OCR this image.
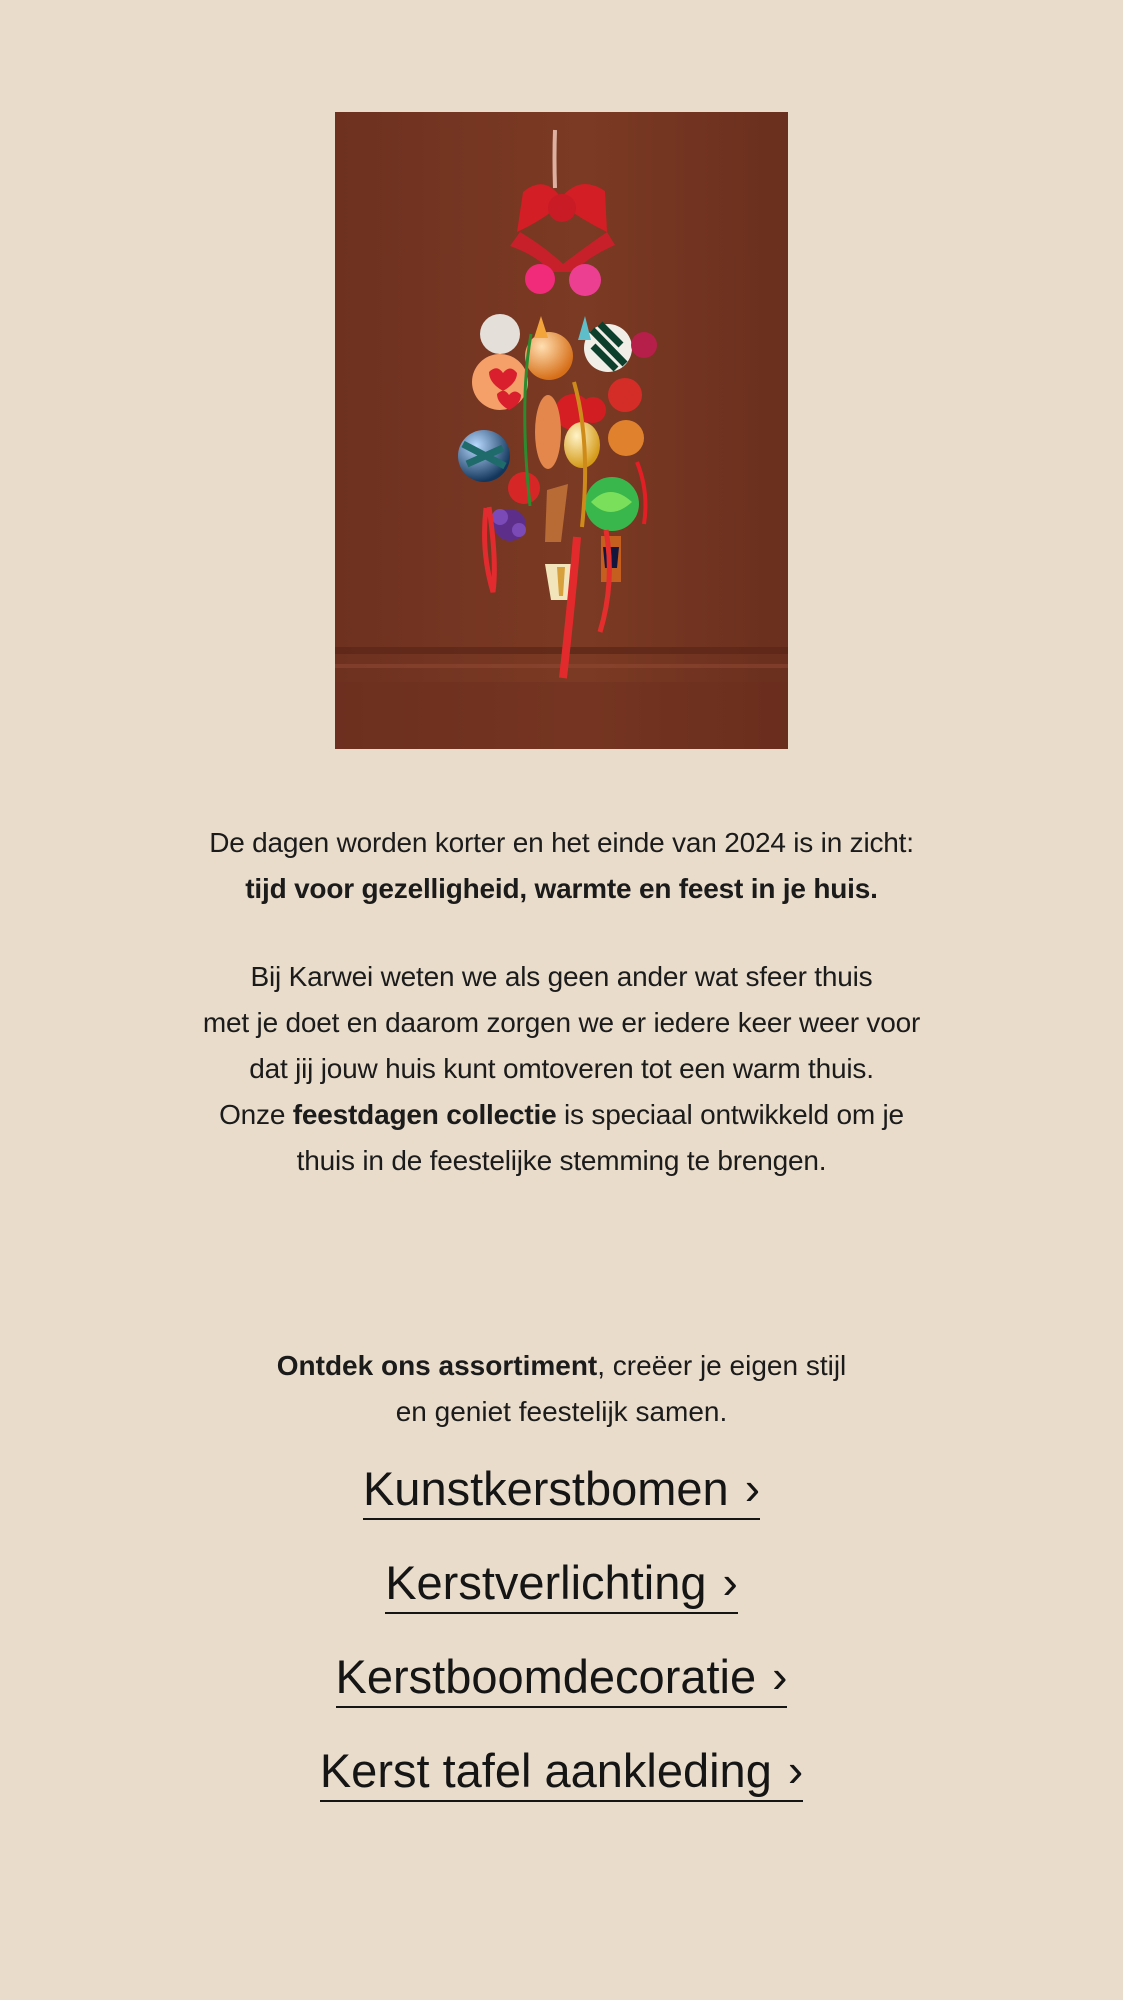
De dagen worden korter en het einde van 2024 is in zicht:

tijd voor gezelligheid, warmte en feest in je huis.

Bij Karwei weten we als geen ander wat sfeer thuis

met je doet en daarom zorgen we er iedere keer weer voor

dat jij jouw huis kunt omtoveren tot een warm thuis.

Onze feestdagen collectie is speciaal ontwikkeld om je

thuis in de feestelijke stemming te brengen.

Ontdek ons assortiment, creëer je eigen stijl

en geniet feestelijk samen.

Kunstkerstbomen ›
Kerstverlichting ›
Kerstboomdecoratie ›
Kerst tafel aankleding ›
